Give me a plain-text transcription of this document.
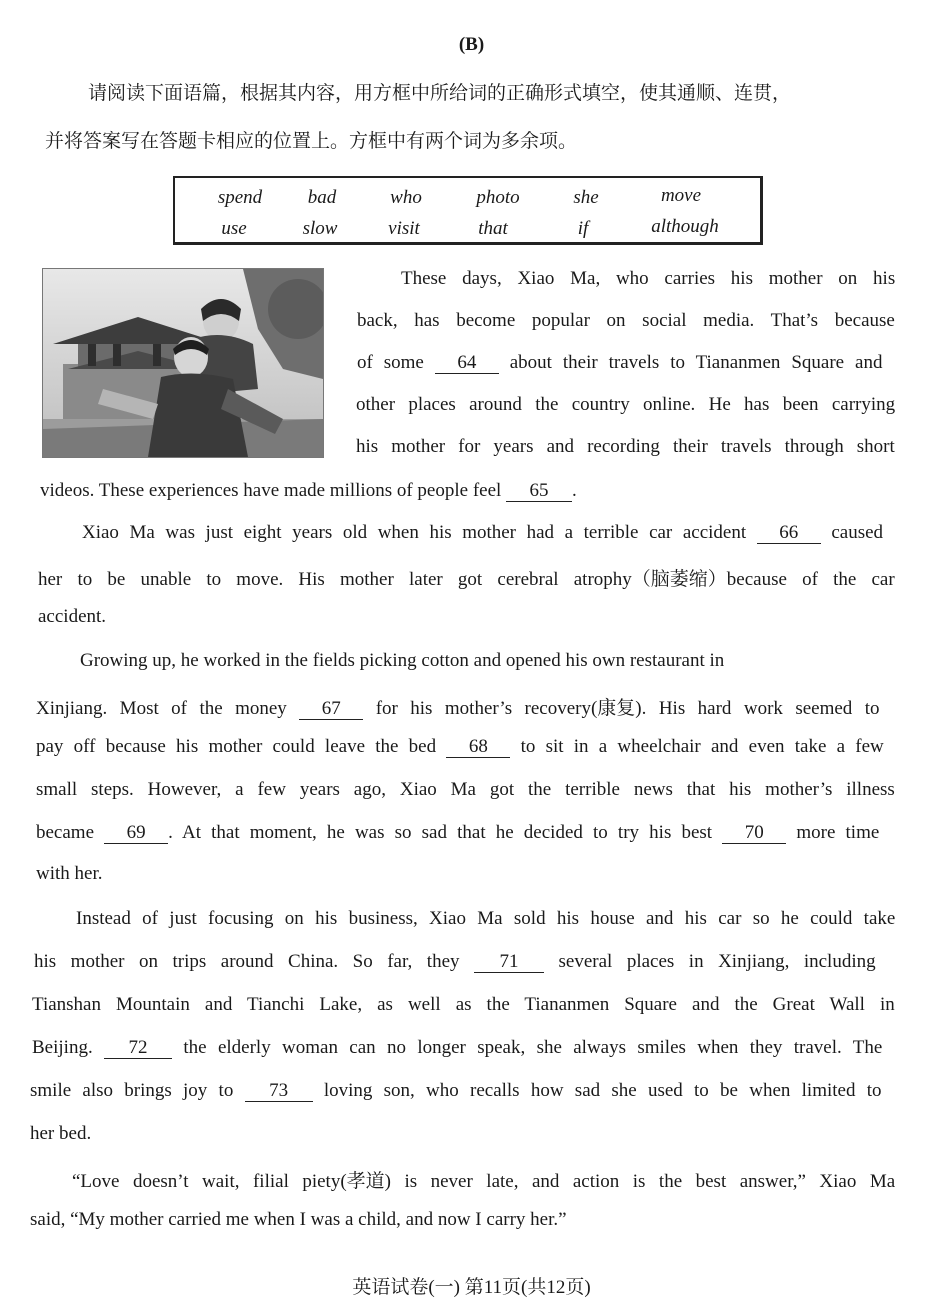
(B)
请阅读下面语篇，根据其内容，用方框中所给词的正确形式填空，使其通顺、连贯，
并将答案写在答题卡相应的位置上。方框中有两个词为多余项。
spend bad	who	photo	she	move
use	slow	visit	that	if	although
These days, Xiao Ma, who carries his mother on his
back, has become popular on social media. That’s because
of some 64 about their travels to Tiananmen Square and
other places around the country online. He has been carrying
his mother for years and recording their travels through short
videos. These experiences have made millions of people feel 65 .
Xiao Ma was just eight years old when his mother had a terrible car accident 66 caused
her to be unable to move. His mother later got cerebral atrophy（脑萎缩）because of the car
accident.
Growing up, he worked in the fields picking cotton and opened his own restaurant in
Xinjiang. Most of the money 67 for his mother’s recovery(康复). His hard work seemed to
pay off because his mother could leave the bed 68 to sit in a wheelchair and even take a few
small steps. However, a few years ago, Xiao Ma got the terrible news that his mother’s illness
became 69 . At that moment, he was so sad that he decided to try his best 70 more time
with her.
Instead of just focusing on his business, Xiao Ma sold his house and his car so he could take
his mother on trips around China. So far, they 71 several places in Xinjiang, including
Tianshan Mountain and Tianchi Lake, as well as the Tiananmen Square and the Great Wall in
Beijing. 72 the elderly woman can no longer speak, she always smiles when they travel. The
smile also brings joy to 73 loving son, who recalls how sad she used to be when limited to
her bed.
“Love doesn’t wait, filial piety(孝道) is never late, and action is the best answer,” Xiao Ma
said, “My mother carried me when I was a child, and now I carry her.”
英语试卷(一) 第11页(共12页)
